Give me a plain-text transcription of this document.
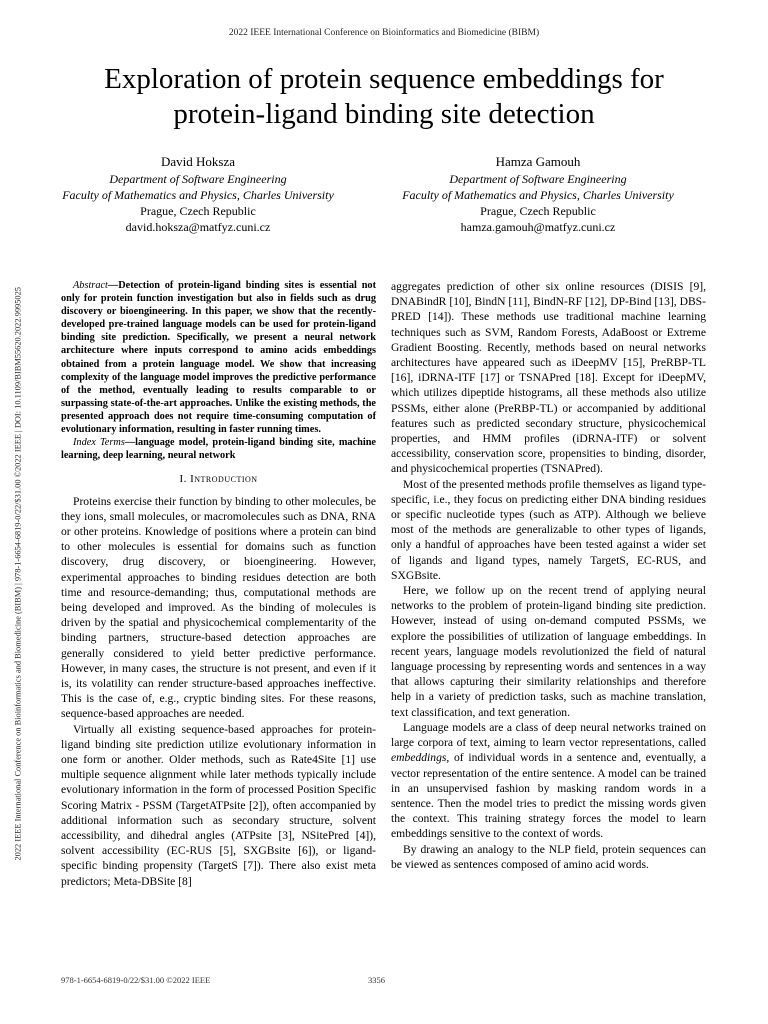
2022 IEEE International Conference on Bioinformatics and Biomedicine (BIBM)
2022 IEEE International Conference on Bioinformatics and Biomedicine (BIBM) | 978-1-6654-6819-0/22/$31.00 ©2022 IEEE | DOI: 10.1109/BIBM55620.2022.9995025
Exploration of protein sequence embeddings for
protein-ligand binding site detection
David Hoksza
Department of Software Engineering
Faculty of Mathematics and Physics, Charles University
Prague, Czech Republic
david.hoksza@matfyz.cuni.cz
Hamza Gamouh
Department of Software Engineering
Faculty of Mathematics and Physics, Charles University
Prague, Czech Republic
hamza.gamouh@matfyz.cuni.cz

Abstract—Detection of protein-ligand binding sites is essential not only for protein function investigation but also in fields such as drug discovery or bioengineering. In this paper, we show that the recently-developed pre-trained language models can be used for protein-ligand binding site prediction. Specifically, we present a neural network architecture where inputs correspond to amino acids embeddings obtained from a protein language model. We show that increasing complexity of the language model improves the predictive performance of the method, eventually leading to results comparable to or surpassing state-of-the-art approaches. Unlike the existing methods, the presented approach does not require time-consuming computation of evolutionary information, resulting in faster running times.

Index Terms—language model, protein-ligand binding site, machine learning, deep learning, neural network

I. Introduction

Proteins exercise their function by binding to other molecules, be they ions, small molecules, or macromolecules such as DNA, RNA or other proteins. Knowledge of positions where a protein can bind to other molecules is essential for domains such as function discovery, drug discovery, or bioengineering. However, experimental approaches to binding residues detection are both time and resource-demanding; thus, computational methods are being developed and improved. As the binding of molecules is driven by the spatial and physicochemical complementarity of the binding partners, structure-based detection approaches are generally considered to yield better predictive performance. However, in many cases, the structure is not present, and even if it is, its volatility can render structure-based approaches ineffective. This is the case of, e.g., cryptic binding sites. For these reasons, sequence-based approaches are needed.

Virtually all existing sequence-based approaches for protein-ligand binding site prediction utilize evolutionary information in one form or another. Older methods, such as Rate4Site [1] use multiple sequence alignment while later methods typically include evolutionary information in the form of processed Position Specific Scoring Matrix - PSSM (TargetATPsite [2]), often accompanied by additional information such as secondary structure, solvent accessibility, and dihedral angles (ATPsite [3], NSitePred [4]), solvent accessibility (EC-RUS [5], SXGBsite [6]), or ligand-specific binding propensity (TargetS [7]). There also exist meta predictors; Meta-DBSite [8]

aggregates prediction of other six online resources (DISIS [9], DNABindR [10], BindN [11], BindN-RF [12], DP-Bind [13], DBS-PRED [14]). These methods use traditional machine learning techniques such as SVM, Random Forests, AdaBoost or Extreme Gradient Boosting. Recently, methods based on neural networks architectures have appeared such as iDeepMV [15], PreRBP-TL [16], iDRNA-ITF [17] or TSNAPred [18]. Except for iDeepMV, which utilizes dipeptide histograms, all these methods also utilize PSSMs, either alone (PreRBP-TL) or accompanied by additional features such as predicted secondary structure, physicochemical properties, and HMM profiles (iDRNA-ITF) or solvent accessibility, conservation score, propensities to binding, disorder, and physicochemical properties (TSNAPred).

Most of the presented methods profile themselves as ligand type-specific, i.e., they focus on predicting either DNA binding residues or specific nucleotide types (such as ATP). Although we believe most of the methods are generalizable to other types of ligands, only a handful of approaches have been tested against a wider set of ligands and ligand types, namely TargetS, EC-RUS, and SXGBsite.

Here, we follow up on the recent trend of applying neural networks to the problem of protein-ligand binding site prediction. However, instead of using on-demand computed PSSMs, we explore the possibilities of utilization of language embeddings. In recent years, language models revolutionized the field of natural language processing by representing words and sentences in a way that allows capturing their similarity relationships and therefore help in a variety of prediction tasks, such as machine translation, text classification, and text generation.

Language models are a class of deep neural networks trained on large corpora of text, aiming to learn vector representations, called embeddings, of individual words in a sentence and, eventually, a vector representation of the entire sentence. A model can be trained in an unsupervised fashion by masking random words in a sentence. Then the model tries to predict the missing words given the context. This training strategy forces the model to learn embeddings sensitive to the context of words.

By drawing an analogy to the NLP field, protein sequences can be viewed as sentences composed of amino acid words.

978-1-6654-6819-0/22/$31.00 ©2022 IEEE	3356
